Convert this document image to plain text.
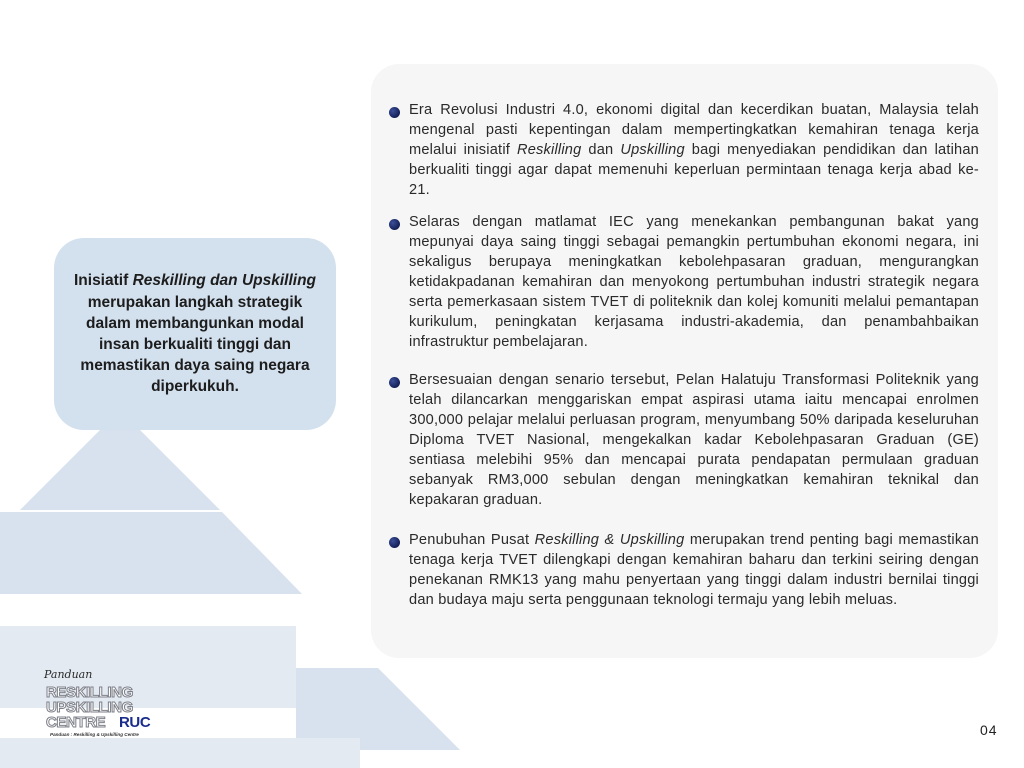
Inisiatif Reskilling dan Upskilling merupakan langkah strategik dalam membangunkan modal insan berkualiti tinggi dan memastikan daya saing negara diperkukuh.

Era Revolusi Industri 4.0, ekonomi digital dan kecerdikan buatan, Malaysia telah mengenal pasti kepentingan dalam mempertingkatkan kemahiran tenaga kerja melalui inisiatif Reskilling dan Upskilling bagi menyediakan pendidikan dan latihan berkualiti tinggi agar dapat memenuhi keperluan permintaan tenaga kerja abad ke-21.

Selaras dengan matlamat IEC yang menekankan pembangunan bakat yang mepunyai daya saing tinggi sebagai pemangkin pertumbuhan ekonomi negara, ini sekaligus berupaya meningkatkan kebolehpasaran graduan, mengurangkan ketidakpadanan kemahiran dan menyokong pertumbuhan industri strategik negara serta pemerkasaan sistem TVET di politeknik dan kolej komuniti melalui pemantapan kurikulum, peningkatan kerjasama industri-akademia, dan penambahbaikan infrastruktur pembelajaran.

Bersesuaian dengan senario tersebut, Pelan Halatuju Transformasi Politeknik yang telah dilancarkan menggariskan empat aspirasi utama iaitu mencapai enrolmen 300,000 pelajar melalui perluasan program, menyumbang 50% daripada keseluruhan Diploma TVET Nasional, mengekalkan kadar Kebolehpasaran Graduan (GE) sentiasa melebihi 95% dan mencapai purata pendapatan permulaan graduan sebanyak RM3,000 sebulan dengan meningkatkan kemahiran teknikal dan kepakaran graduan.

Penubuhan Pusat Reskilling & Upskilling merupakan trend penting bagi memastikan tenaga kerja TVET dilengkapi dengan kemahiran baharu dan terkini seiring dengan penekanan RMK13 yang mahu penyertaan yang tinggi dalam industri bernilai tinggi dan budaya maju serta penggunaan teknologi termaju yang lebih meluas.

Panduan
RESKILLING
UPSKILLING
CENTRE RUC
Panduan : Reskilling & Upskilling Centre	04
